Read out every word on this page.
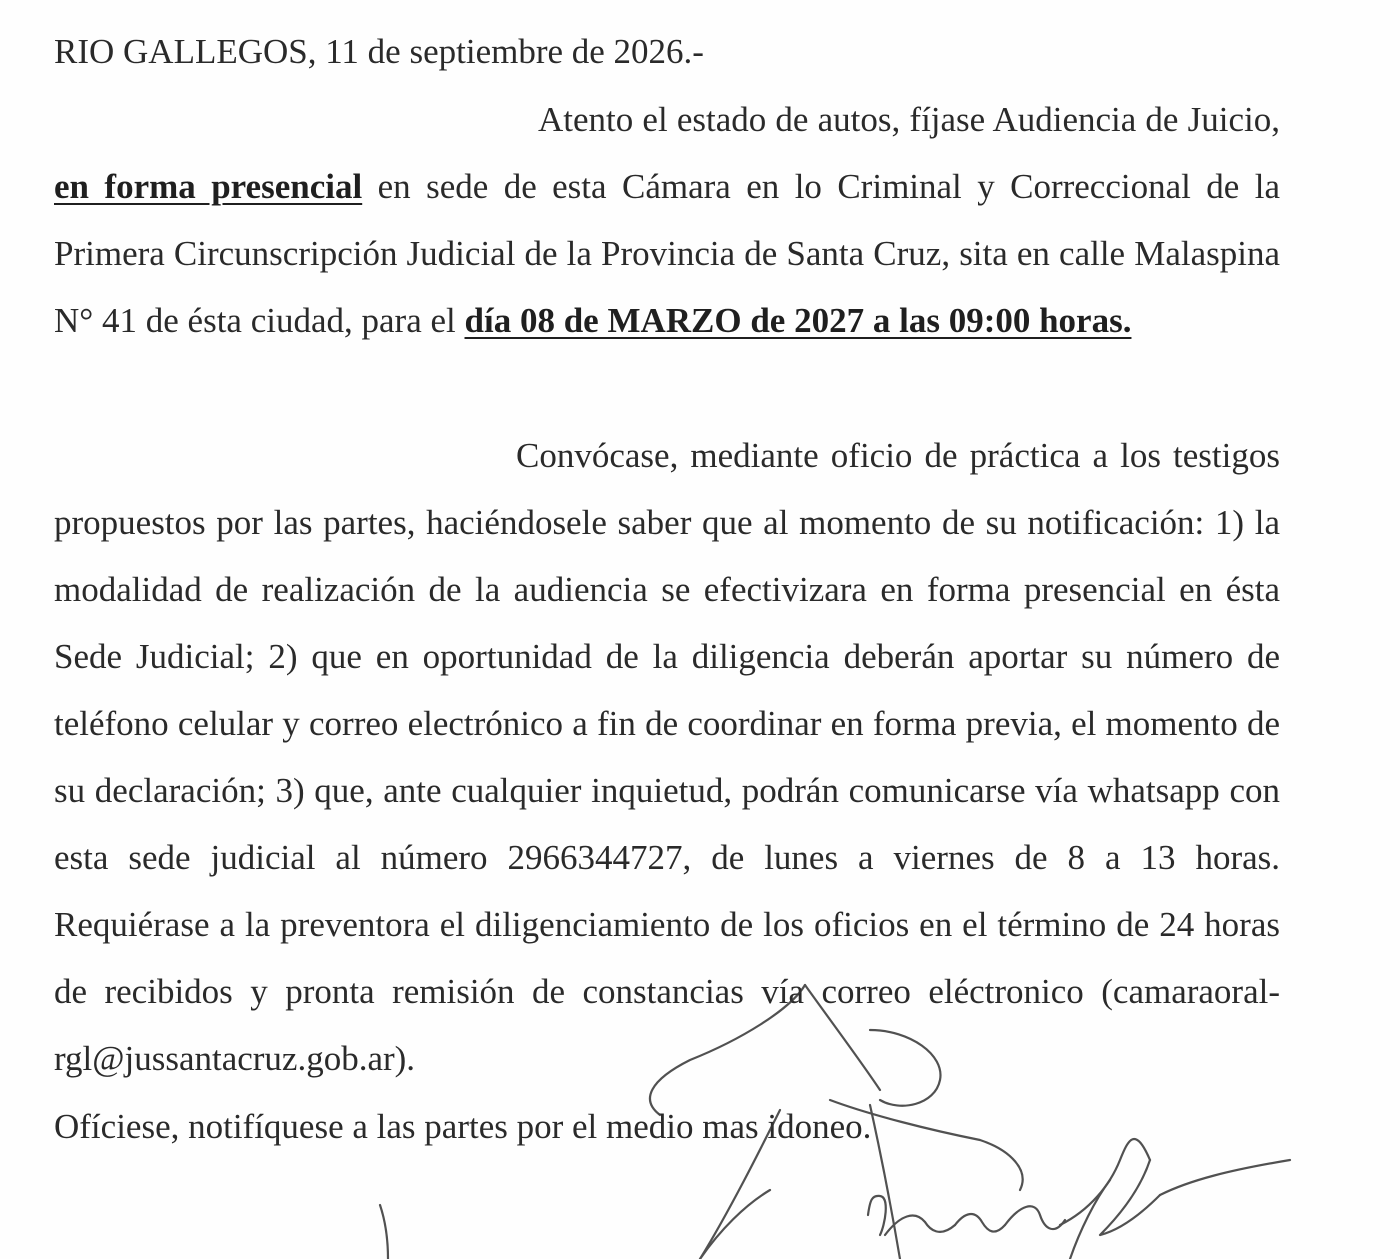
RIO GALLEGOS, 11 de septiembre de 2026.-

Atento el estado de autos, fíjase Audiencia de Juicio, en forma presencial en sede de esta Cámara en lo Criminal y Correccional de la Primera Circunscripción Judicial de la Provincia de Santa Cruz, sita en calle Malaspina N° 41 de ésta ciudad, para el día 08 de MARZO de 2027 a las 09:00 horas.

Convócase, mediante oficio de práctica a los testigos propuestos por las partes, haciéndosele saber que al momento de su notificación: 1) la modalidad de realización de la audiencia se efectivizara en forma presencial en ésta Sede Judicial; 2) que en oportunidad de la diligencia deberán aportar su número de teléfono celular y correo electrónico a fin de coordinar en forma previa, el momento de su declaración; 3) que, ante cualquier inquietud, podrán comunicarse vía whatsapp con esta sede judicial al número 2966344727, de lunes a viernes de 8 a 13 horas. Requiérase a la preventora el diligenciamiento de los oficios en el término de 24 horas de recibidos y pronta remisión de constancias vía correo eléctronico (camaraoral-rgl@jussantacruz.gob.ar).

Ofíciese, notifíquese a las partes por el medio mas idoneo.
